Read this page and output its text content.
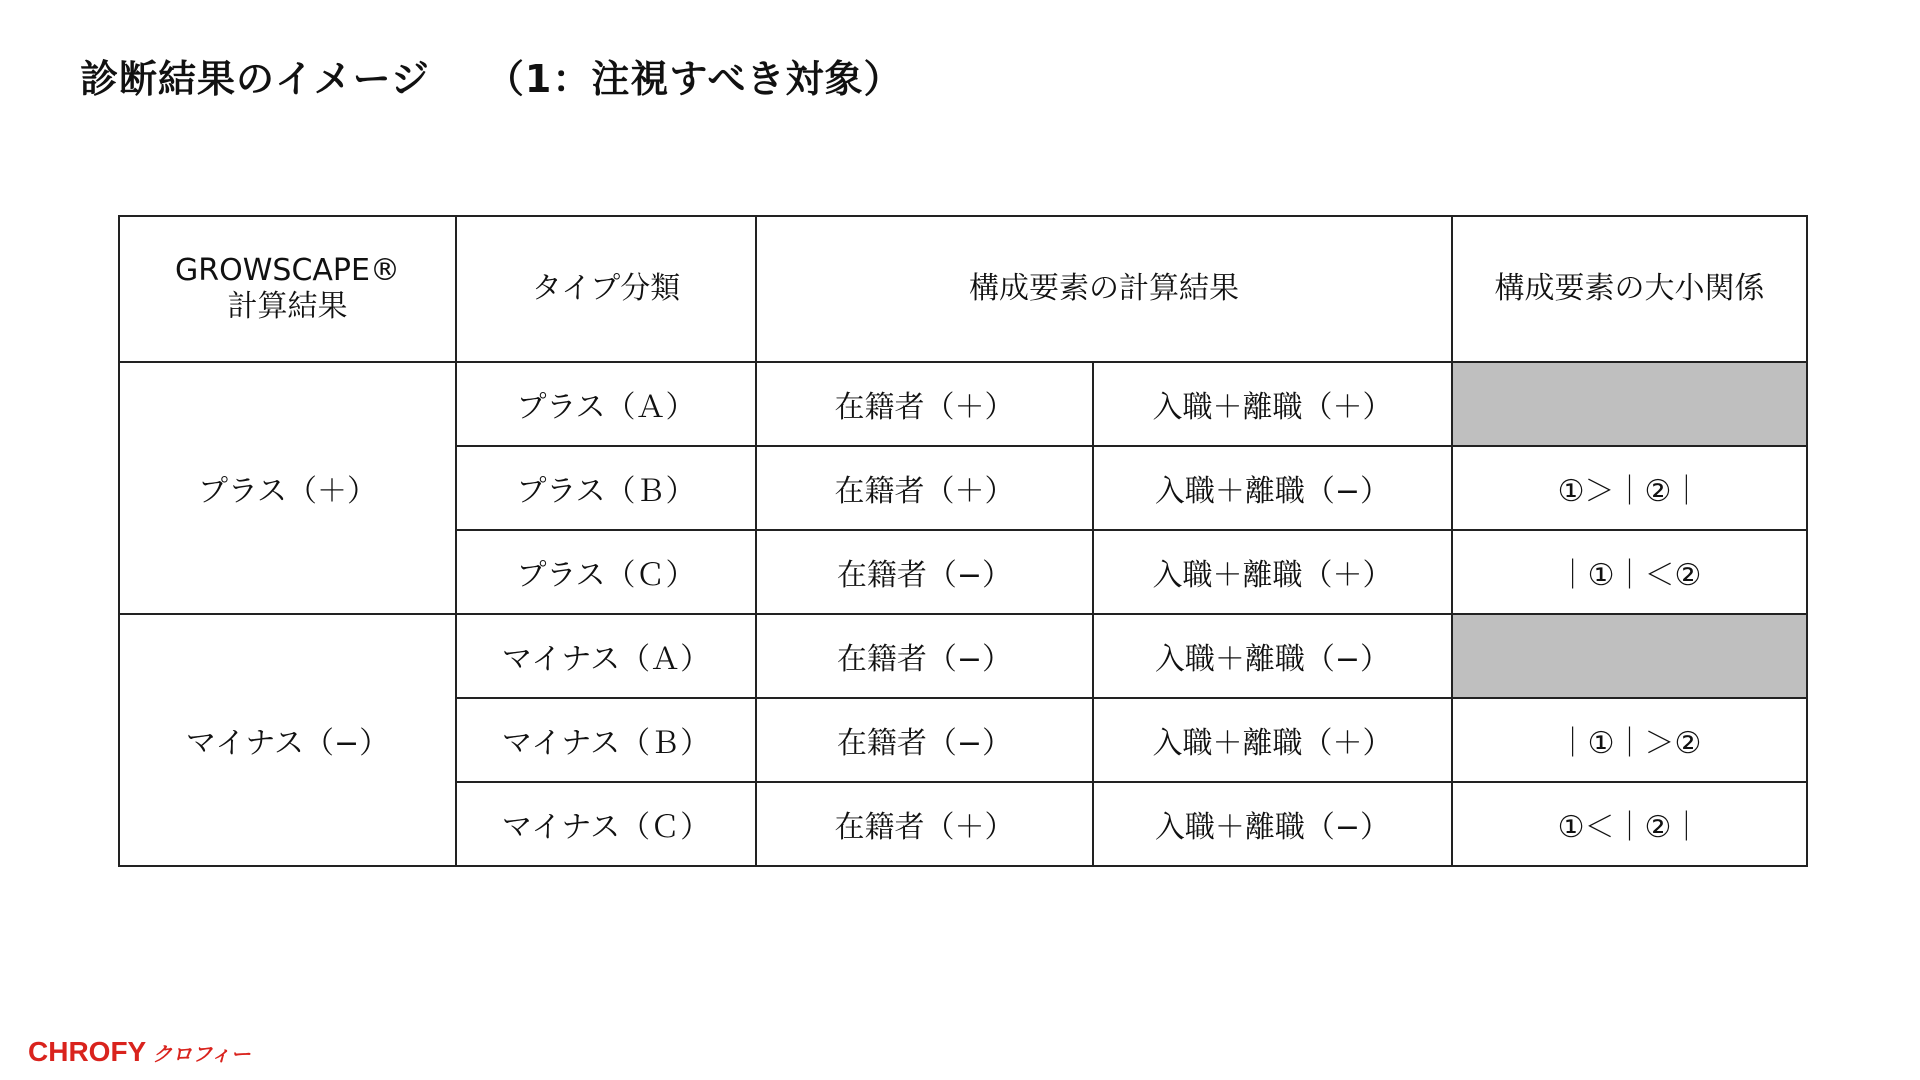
診断結果のイメージ （1：注視すべき対象）
GROWSCAPE®
計算結果	タイプ分類	構成要素の計算結果		構成要素の大小関係
プラス（＋）	プラス（Ａ）	在籍者（＋）	入職＋離職（＋）	
	プラス（Ｂ）	在籍者（＋）	入職＋離職（−）	①＞｜②｜
	プラス（Ｃ）	在籍者（−）	入職＋離職（＋）	｜①｜＜②
マイナス（−）	マイナス（Ａ）	在籍者（−）	入職＋離職（−）	
	マイナス（Ｂ）	在籍者（−）	入職＋離職（＋）	｜①｜＞②
	マイナス（Ｃ）	在籍者（＋）	入職＋離職（−）	①＜｜②｜
CHROFY クロフィー
